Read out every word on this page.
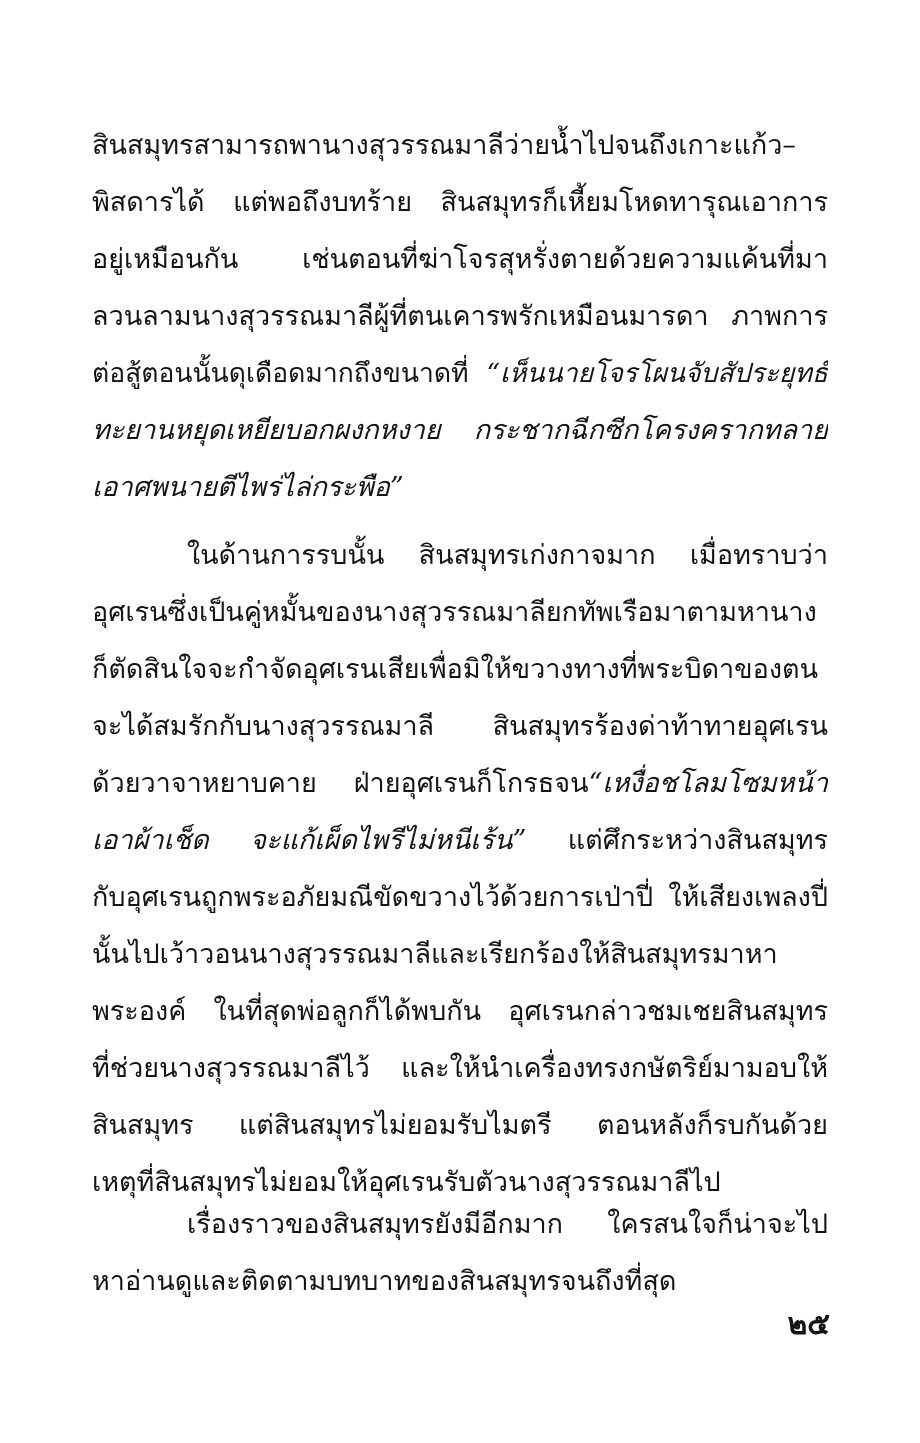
สินสมุทรสามารถพานางสุวรรณมาลีว่ายน้ำไปจนถึงเกาะแก้ว–
พิสดารได้ แต่พอถึงบทร้าย สินสมุทรก็เหี้ยมโหดทารุณเอาการ
อยู่เหมือนกัน เช่นตอนที่ฆ่าโจรสุหรั่งตายด้วยความแค้นที่มา
ลวนลามนางสุวรรณมาลีผู้ที่ตนเคารพรักเหมือนมารดา ภาพการ
ต่อสู้ตอนนั้นดุเดือดมากถึงขนาดที่ “เห็นนายโจรโผนจับสัประยุทธ์
ทะยานหยุดเหยียบอกผงกหงาย กระชากฉีกซีกโครงครากทลาย
เอาศพนายตีไพร่ไล่กระพือ”
ในด้านการรบนั้น สินสมุทรเก่งกาจมาก เมื่อทราบว่า
อุศเรนซึ่งเป็นคู่หมั้นของนางสุวรรณมาลียกทัพเรือมาตามหานาง
ก็ตัดสินใจจะกำจัดอุศเรนเสียเพื่อมิให้ขวางทางที่พระบิดาของตน
จะได้สมรักกับนางสุวรรณมาลี สินสมุทรร้องด่าท้าทายอุศเรน
ด้วยวาจาหยาบคาย ฝ่ายอุศเรนก็โกรธจน“เหงื่อชโลมโซมหน้า
เอาผ้าเช็ด จะแก้เผ็ดไพรีไม่หนีเร้น” แต่ศึกระหว่างสินสมุทร
กับอุศเรนถูกพระอภัยมณีขัดขวางไว้ด้วยการเป่าปี่ ให้เสียงเพลงปี่
นั้นไปเว้าวอนนางสุวรรณมาลีและเรียกร้องให้สินสมุทรมาหา
พระองค์ ในที่สุดพ่อลูกก็ได้พบกัน อุศเรนกล่าวชมเชยสินสมุทร
ที่ช่วยนางสุวรรณมาลีไว้ และให้นำเครื่องทรงกษัตริย์มามอบให้
สินสมุทร แต่สินสมุทรไม่ยอมรับไมตรี ตอนหลังก็รบกันด้วย
เหตุที่สินสมุทรไม่ยอมให้อุศเรนรับตัวนางสุวรรณมาลีไป
เรื่องราวของสินสมุทรยังมีอีกมาก ใครสนใจก็น่าจะไป
หาอ่านดูและติดตามบทบาทของสินสมุทรจนถึงที่สุด
๒๕
